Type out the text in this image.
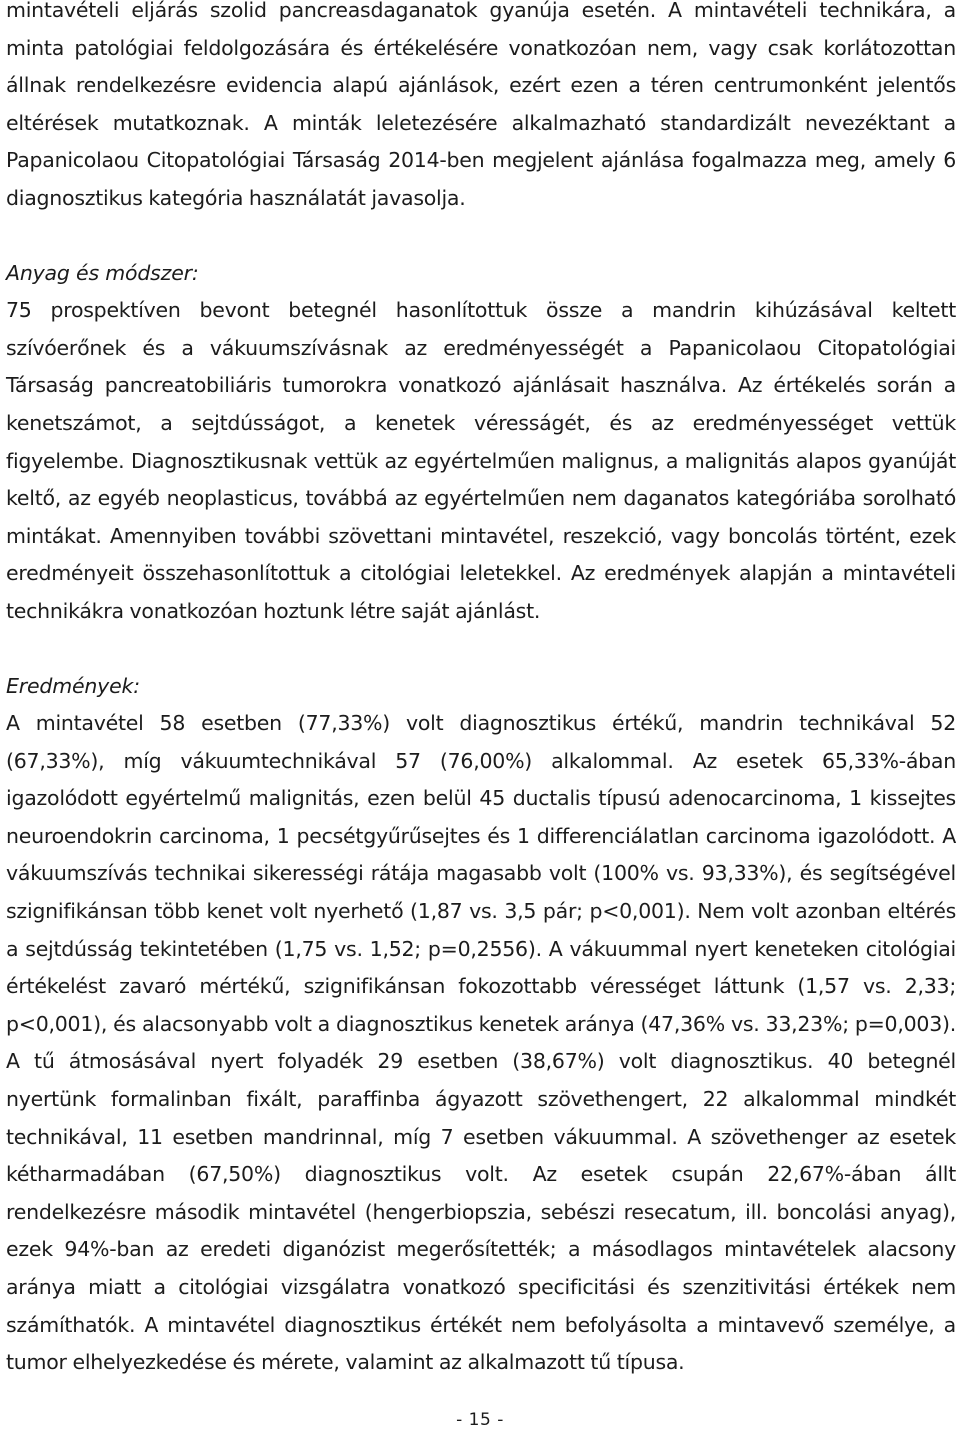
mintavételi eljárás szolid pancreasdaganatok gyanúja esetén. A mintavételi technikára, a minta patológiai feldolgozására és értékelésére vonatkozóan nem, vagy csak korlátozottan állnak rendelkezésre evidencia alapú ajánlások, ezért ezen a téren centrumonként jelentős eltérések mutatkoznak. A minták leletezésére alkalmazható standardizált nevezéktant a Papanicolaou Citopatológiai Társaság 2014-ben megjelent ajánlása fogalmazza meg, amely 6 diagnosztikus kategória használatát javasolja.

Anyag és módszer:

75 prospektíven bevont betegnél hasonlítottuk össze a mandrin kihúzásával keltett szívóerőnek és a vákuumszívásnak az eredményességét a Papanicolaou Citopatológiai Társaság pancreatobiliáris tumorokra vonatkozó ajánlásait használva. Az értékelés során a kenetszámot, a sejtdússágot, a kenetek véresságét, és az eredményességet vettük figyelembe. Diagnosztikusnak vettük az egyértelműen malignus, a malignitás alapos gyanúját keltő, az egyéb neoplasticus, továbbá az egyértelműen nem daganatos kategóriába sorolható mintákat. Amennyiben további szövettani mintavétel, reszekció, vagy boncolás történt, ezek eredményeit összehasonlítottuk a citológiai leletekkel. Az eredmények alapján a mintavételi technikákra vonatkozóan hoztunk létre saját ajánlást.

Eredmények:

A mintavétel 58 esetben (77,33%) volt diagnosztikus értékű, mandrin technikával 52 (67,33%), míg vákuumtechnikával 57 (76,00%) alkalommal. Az esetek 65,33%-ában igazolódott egyértelmű malignitás, ezen belül 45 ductalis típusú adenocarcinoma, 1 kissejtes neuroendokrin carcinoma, 1 pecsétgyűrűsejtes és 1 differenciálatlan carcinoma igazolódott. A vákuumszívás technikai sikerességi rátája magasabb volt (100% vs. 93,33%), és segítségével szignifikánsan több kenet volt nyerhető (1,87 vs. 3,5 pár; p<0,001). Nem volt azonban eltérés a sejtdússág tekintetében (1,75 vs. 1,52; p=0,2556). A vákuummal nyert keneteken citológiai értékelést zavaró mértékű, szignifikánsan fokozottabb vérességet láttunk (1,57 vs. 2,33; p<0,001), és alacsonyabb volt a diagnosztikus kenetek aránya (47,36% vs. 33,23%; p=0,003). A tű átmosásával nyert folyadék 29 esetben (38,67%) volt diagnosztikus. 40 betegnél nyertünk formalinban fixált, paraffinba ágyazott szövethengert, 22 alkalommal mindkét technikával, 11 esetben mandrinnal, míg 7 esetben vákuummal. A szövethenger az esetek kétharmadában (67,50%) diagnosztikus volt. Az esetek csupán 22,67%-ában állt rendelkezésre második mintavétel (hengerbiopszia, sebészi resecatum, ill. boncolási anyag), ezek 94%-ban az eredeti diganózist megerősítették; a másodlagos mintavételek alacsony aránya miatt a citológiai vizsgálatra vonatkozó specificitási és szenzitivitási értékek nem számíthatók. A mintavétel diagnosztikus értékét nem befolyásolta a mintavevő személye, a tumor elhelyezkedése és mérete, valamint az alkalmazott tű típusa.

- 15 -
